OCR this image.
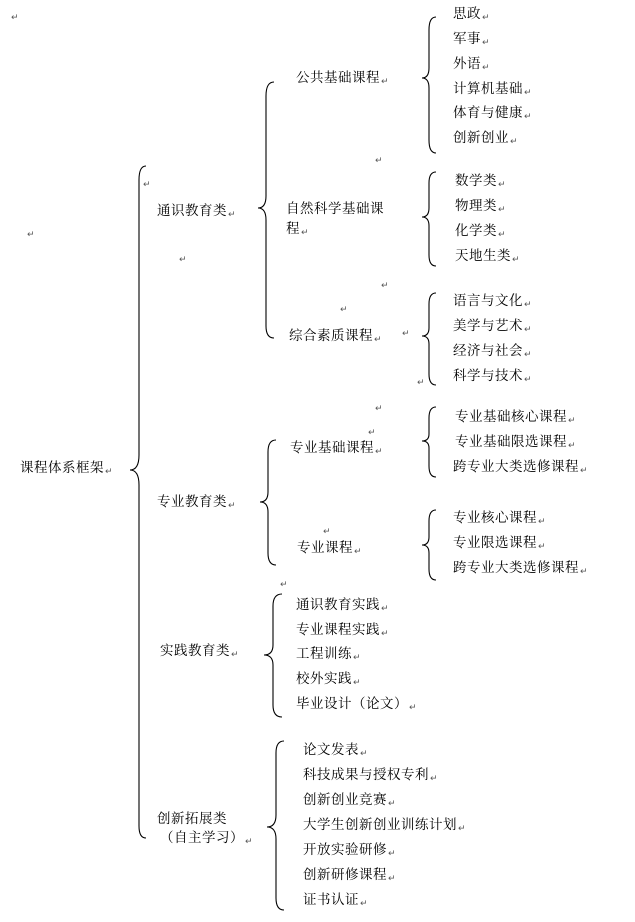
课程体系框架↵
通识教育类↵
专业教育类↵
实践教育类↵
创新拓展类
（自主学习）↵
公共基础课程↵
自然科学基础课
程↵
综合素质课程↵
专业基础课程↵
专业课程↵
思政↵
军事↵
外语↵
计算机基础↵
体育与健康↵
创新创业↵
数学类↵
物理类↵
化学类↵
天地生类↵
语言与文化↵
美学与艺术↵
经济与社会↵
科学与技术↵
专业基础核心课程↵
专业基础限选课程↵
跨专业大类选修课程↵
专业核心课程↵
专业限选课程↵
跨专业大类选修课程↵
通识教育实践↵
专业课程实践↵
工程训练↵
校外实践↵
毕业设计（论文）↵
论文发表↵
科技成果与授权专利↵
创新创业竞赛↵
大学生创新创业训练计划↵
开放实验研修↵
创新研修课程↵
证书认证↵
↵
↵
↵
↵
↵
↵
↵
↵
↵
↵
↵
↵
↵
